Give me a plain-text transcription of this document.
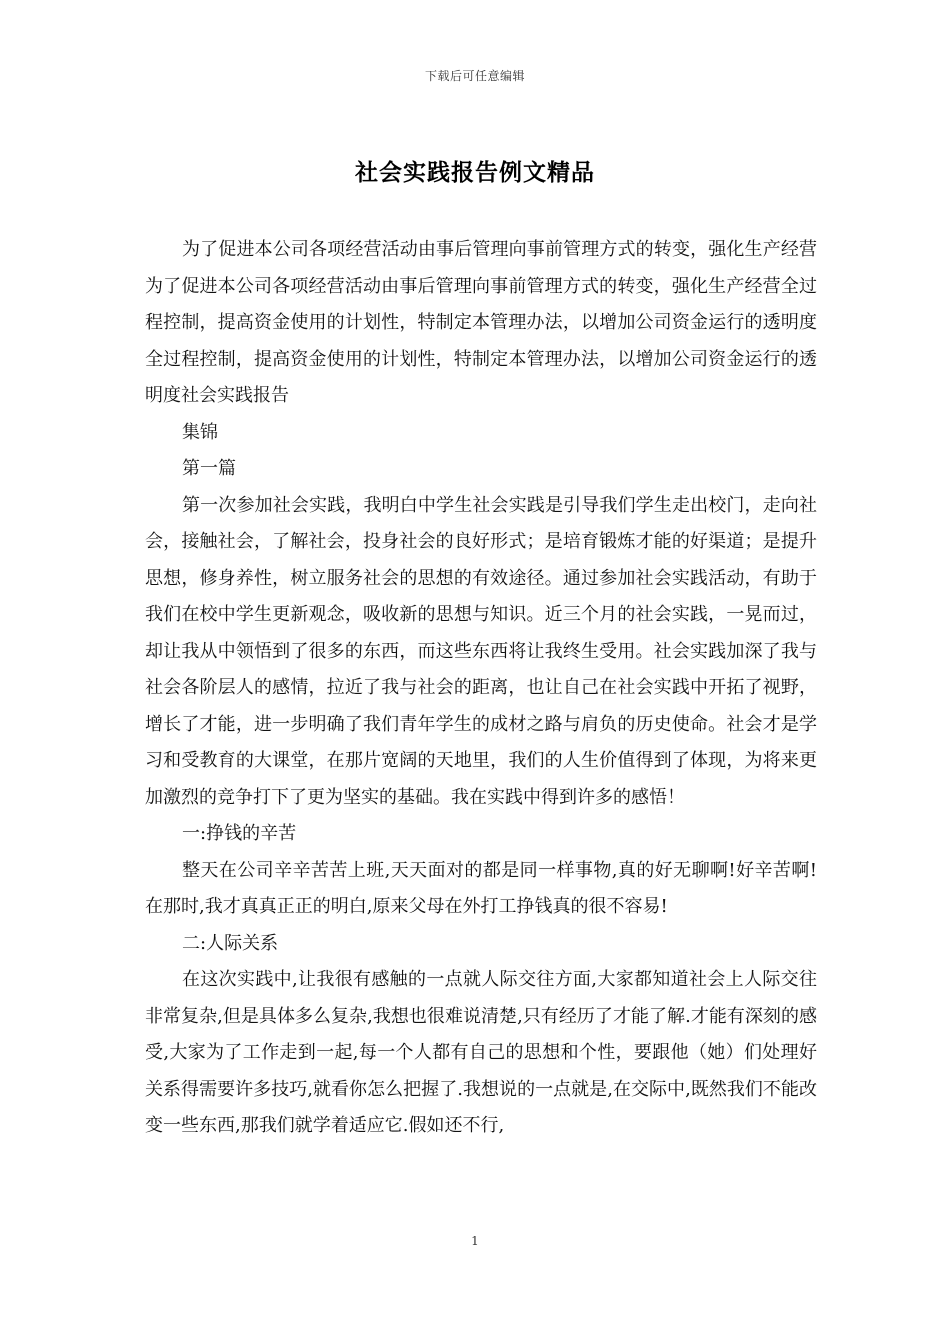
下载后可任意编辑
社会实践报告例文精品

为了促进本公司各项经营活动由事后管理向事前管理方式的转变，强化生产经营为了促进本公司各项经营活动由事后管理向事前管理方式的转变，强化生产经营全过程控制，提高资金使用的计划性，特制定本管理办法，以增加公司资金运行的透明度全过程控制，提高资金使用的计划性，特制定本管理办法，以增加公司资金运行的透明度社会实践报告

集锦

第一篇

第一次参加社会实践，我明白中学生社会实践是引导我们学生走出校门，走向社会，接触社会，了解社会，投身社会的良好形式；是培育锻炼才能的好渠道；是提升思想，修身养性，树立服务社会的思想的有效途径。通过参加社会实践活动，有助于我们在校中学生更新观念，吸收新的思想与知识。近三个月的社会实践，一晃而过，却让我从中领悟到了很多的东西，而这些东西将让我终生受用。社会实践加深了我与社会各阶层人的感情，拉近了我与社会的距离，也让自己在社会实践中开拓了视野，增长了才能，进一步明确了我们青年学生的成材之路与肩负的历史使命。社会才是学习和受教育的大课堂，在那片宽阔的天地里，我们的人生价值得到了体现，为将来更加激烈的竞争打下了更为坚实的基础。我在实践中得到许多的感悟！

一:挣钱的辛苦

整天在公司辛辛苦苦上班,天天面对的都是同一样事物,真的好无聊啊!好辛苦啊!在那时,我才真真正正的明白,原来父母在外打工挣钱真的很不容易!

二:人际关系

在这次实践中,让我很有感触的一点就人际交往方面,大家都知道社会上人际交往非常复杂,但是具体多么复杂,我想也很难说清楚,只有经历了才能了解.才能有深刻的感受,大家为了工作走到一起,每一个人都有自己的思想和个性，要跟他（她）们处理好关系得需要许多技巧,就看你怎么把握了.我想说的一点就是,在交际中,既然我们不能改变一些东西,那我们就学着适应它.假如还不行,

1
